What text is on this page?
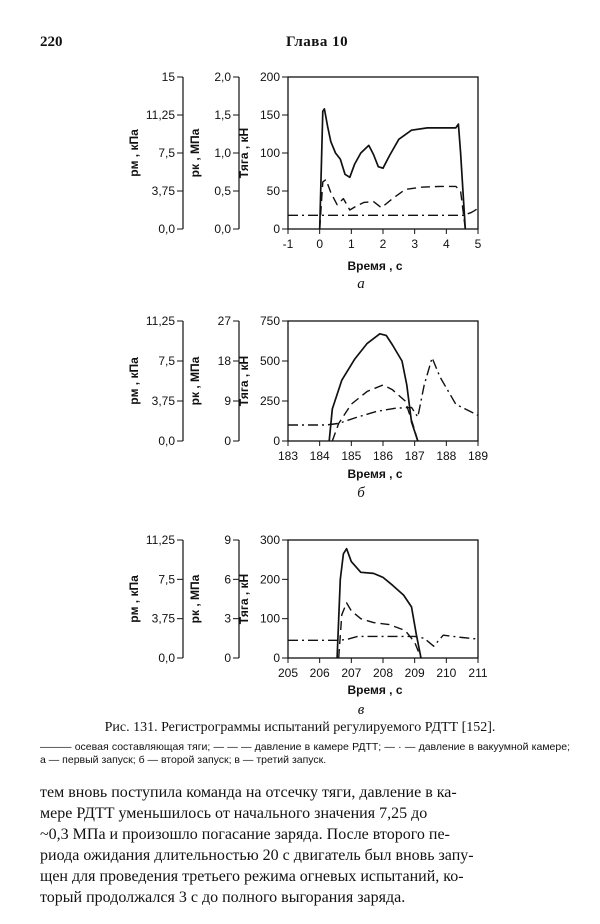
220	Глава 10
15
11,25
7,5
3,75
0,0
pм , кПа
2,0
1,5
1,0
0,5
0,0
pк , МПа
200
150
100
50
0
Тяга , кН
-1 0 1 2 3 4 5
Время , с
а
11,25
7,5
3,75
0,0
pм , кПа
27
18
9
0
pк , МПа
750
500
250
0
Тяга , кН
183 184 185 186 187 188 189
Время , с
б
11,25
7,5
3,75
0,0
pм , кПа
9
6
3
0
pк , МПа
300
200
100
0
Тяга , кН
205 206 207 208 209 210 211
Время , с
в
Рис. 131. Регистрограммы испытаний регулируемого РДТТ [152].
——— осевая составляющая тяги; — — — давление в камере РДТТ; — · — давление в вакуумной камере; а — первый запуск; б — второй запуск; в — третий запуск.
тем вновь поступила команда на отсечку тяги, давление в ка-
мере РДТТ уменьшилось от начального значения 7,25 до
~0,3 МПа и произошло погасание заряда. После второго пе-
риода ожидания длительностью 20 с двигатель был вновь запу-
щен для проведения третьего режима огневых испытаний, ко-
торый продолжался 3 с до полного выгорания заряда.
